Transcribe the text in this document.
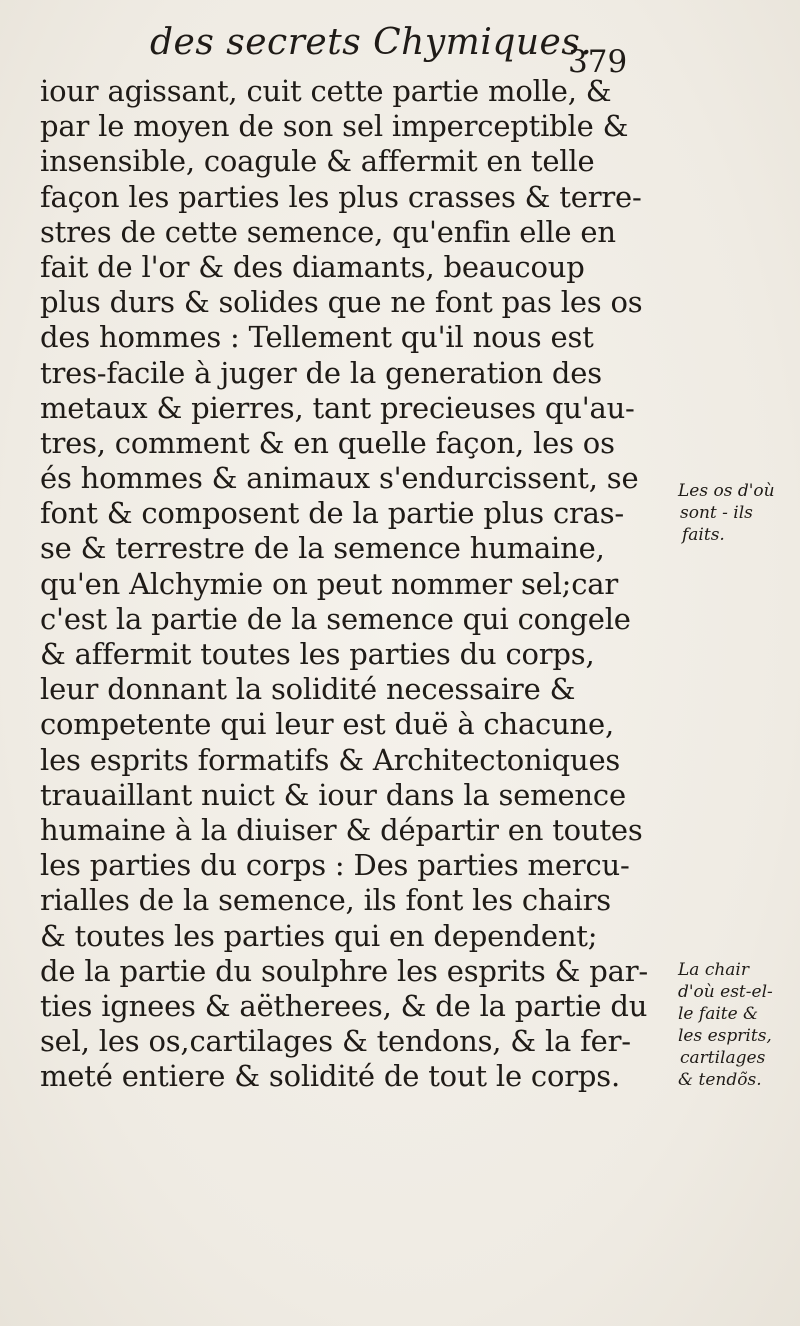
des secrets Chymiques.
379
iour agissant, cuit cette partie molle, &
par le moyen de son sel imperceptible &
insensible, coagule & affermit en telle
façon les parties les plus crasses & terre-
stres de cette semence, qu'enfin elle en
fait de l'or & des diamants, beaucoup
plus durs & solides que ne font pas les os
des hommes : Tellement qu'il nous est
tres-facile à juger de la generation des
metaux & pierres, tant precieuses qu'au-
tres, comment & en quelle façon, les os
és hommes & animaux s'endurcissent, se
font & composent de la partie plus cras-
se & terrestre de la semence humaine,
qu'en Alchymie on peut nommer sel;car
c'est la partie de la semence qui congele
& affermit toutes les parties du corps,
leur donnant la solidité necessaire &
competente qui leur est duë à chacune,
les esprits formatifs & Architectoniques
trauaillant nuict & iour dans la semence
humaine à la diuiser & départir en toutes
les parties du corps : Des parties mercu-
rialles de la semence, ils font les chairs
& toutes les parties qui en dependent;
de la partie du soulphre les esprits & par-
ties ignees & aëtherees, & de la partie du
sel, les os,cartilages & tendons, & la fer-
meté entiere & solidité de tout le corps.
Les os d'où
sont - ils
faits.
La chair
d'où est-el-
le faite &
les esprits,
cartilages
& tendõs.
